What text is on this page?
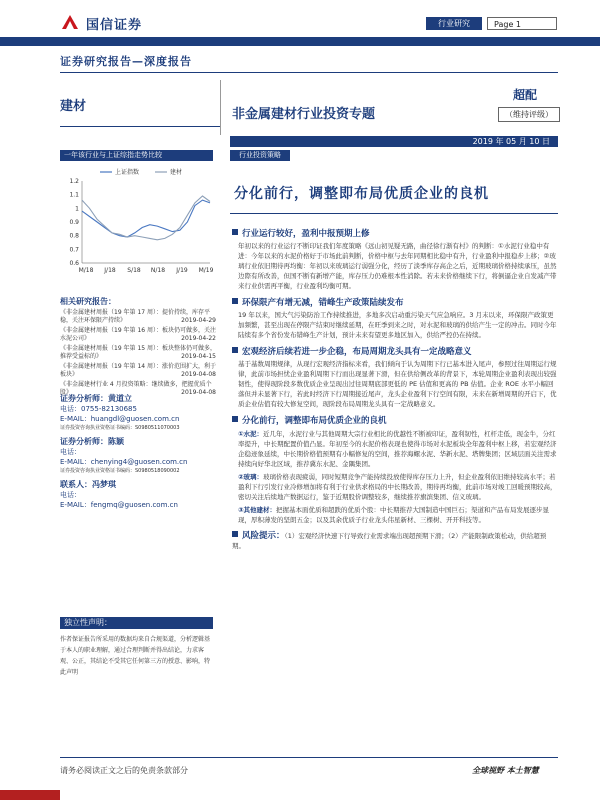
国信证券	行业研究	Page 1
证券研究报告—深度报告
建材
非金属建材行业投资专题
超配
（维持评级）
2019 年 05 月 10 日
一年该行业与上证综指走势比较
1.2
1.1
1
0.9
0.8
0.7
0.6
M/18 J/18 S/18 N/18 J/19 M/19
上证指数	建材
相关研究报告：
《非金属建材周报（19 年第 17 周）：提价持续，库存平稳，关注环保限产持续》	2019-04-29
《非金属建材周报（19 年第 16 周）：板块仍可做多，关注水泥公司》	2019-04-22
《非金属建材周报（19 年第 15 周）：板块整体仍可做多，推荐受益标的》	2019-04-15
《非金属建材周报（19 年第 14 周）：涨价范围扩大，利于板块》	2019-04-08
《非金属建材行业 4 月投资策略：继续做多，把握优质个股》	2019-04-08
证券分析师：黄道立
电话：0755-82130685
E-MAIL：huangdl@guosen.com.cn
证券投资咨询执业资格证书编码：S0980511070003
证券分析师：陈颖
电话：
E-MAIL：chenying4@guosen.com.cn
证券投资咨询执业资格证书编码：S0980518090002
联系人：冯梦琪
电话：
E-MAIL：fengmq@guosen.com.cn
独立性声明：
作者保证报告所采用的数据均来自合规渠道，分析逻辑基于本人的职业理解，通过合理判断并得出结论，力求客观、公正，其结论不受其它任何第三方的授意、影响，特此声明
行业投资策略
分化前行，调整即布局优质企业的良机
行业运行较好，盈利中报预期上修
年初以来的行业运行不断印证我们年度策略《远山初见疑无路，曲径徐行渐有村》的判断：①水泥行业稳中有进：今年以来的水泥价格好于市场此前判断，价格中枢与去年同期相比稳中有升，行业盈利中报稳步上移；②玻璃行业依旧期待再均衡：年初以来玻璃运行弱强分化，经历了淡季库存高企之后，近期玻璃价格持续承压，虽然边際有所改善，但国不断有新增产能，库存压力仍难根本性消除。若未来价格继续下行，将倒逼企业自发减产带来行业供需再平衡，行业盈利均衡可期。
环保限产有增无减，错峰生产政策陆续发布
19 年以来，国大气污染防治工作持续推进，多地多次启动重污染天气应急响应。3 月末以来，环保限产政策更加频繁，甚至出现在停限产结束时继续延期，在旺季到来之时，对水泥和玻璃的供给产生一定的冲击。同时今年陆续有多个省份发布错峰生产计划，预计未来有望更多地区加入，供给严控仍在持续。
宏观经济后续若进一步企稳，布局周期龙头具有一定战略意义
基于基数周期规律，从现行宏观经济指标来看，我们倾向于认为周期下行已基本进入尾声，参照过往周期运行规律，此前市场担忧企业盈利周期下行而出现显著下滑，但在供给侧改革的背景下，本轮周期企业盈利表现出较强韧性，使得现阶段多数优质企业呈现出过往周期底部更低的 PE 估值和更高的 PB 估值。企业 ROE 水平小幅回落但并未显著下行，若此时经济下行周期接近尾声，龙头企业盈利下行空间有限，未来在新增周期的开启下，优质企业估值有较大修复空间，现阶段布局周期龙头具有一定战略意义。
分化前行，调整即布局优质企业的良机
①水泥：近几年，水泥行业与其他周期大宗行业相比的优越性不断被印证，盈利韧性，杠杆走低，现金牛，分红率提升，中长期配置价值凸显。年初至今的水泥价格表现也使得市场对水泥板块全年盈利中枢上移，若宏观经济企稳迹象延续，中长期价格值预期有小幅修复的空间，推荐海螺水泥、华新水泥、塔牌集团；区域层面关注需求持续向好华北区域，推荐冀东水泥、金隅集团。
②玻璃：玻璃价格表现疲弱，同时短期竞争产能持续投放使得库存压力上升，但企业盈利依旧维持较高水平；若盈利下行引发行业冷修增加将有利于行业供求格局的中长期改善，期待再均衡，此前市场对竣工回暖预期较高，密切关注后续地产数据运行，鉴于近期股价调整较多，继续推荐旗滨集团、信义玻璃。
③其他建材：把握基本面优质和超跌的优质个股：中长期推荐大国制造中国巨石；渠道和产品布局发展逐步显现，厚积薄发的坚朗五金；以及其余优质子行业龙头伟星新材、三棵树、开开科技等。
风险提示：（1）宏观经济快速下行导致行业需求端出现超预期下滑；（2）产能限制政策松动，供给超预期。
请务必阅读正文之后的免责条款部分	全球视野 本土智慧
